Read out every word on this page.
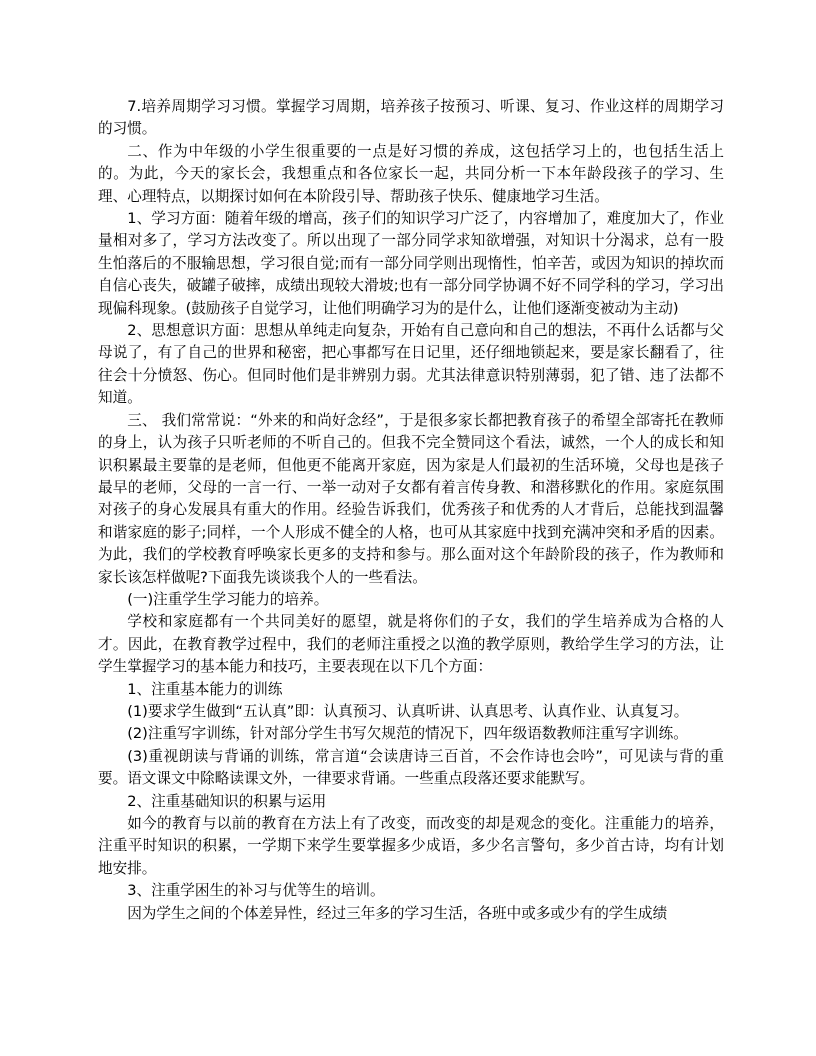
7.培养周期学习习惯。掌握学习周期，培养孩子按预习、听课、复习、作业这样的周期学习的习惯。

二、作为中年级的小学生很重要的一点是好习惯的养成，这包括学习上的，也包括生活上的。为此，今天的家长会，我想重点和各位家长一起，共同分析一下本年龄段孩子的学习、生理、心理特点，以期探讨如何在本阶段引导、帮助孩子快乐、健康地学习生活。

1、学习方面：随着年级的增高，孩子们的知识学习广泛了，内容增加了，难度加大了，作业量相对多了，学习方法改变了。所以出现了一部分同学求知欲增强，对知识十分渴求，总有一股生怕落后的不服输思想，学习很自觉;而有一部分同学则出现惰性，怕辛苦，或因为知识的掉坎而自信心丧失，破罐子破摔，成绩出现较大滑坡;也有一部分同学协调不好不同学科的学习，学习出现偏科现象。(鼓励孩子自觉学习，让他们明确学习为的是什么，让他们逐渐变被动为主动)

2、思想意识方面：思想从单纯走向复杂，开始有自己意向和自己的想法，不再什么话都与父母说了，有了自己的世界和秘密，把心事都写在日记里，还仔细地锁起来，要是家长翻看了，往往会十分愤怒、伤心。但同时他们是非辨别力弱。尤其法律意识特别薄弱，犯了错、违了法都不知道。

三、 我们常常说：“外来的和尚好念经”，于是很多家长都把教育孩子的希望全部寄托在教师的身上，认为孩子只听老师的不听自己的。但我不完全赞同这个看法，诚然，一个人的成长和知识积累最主要靠的是老师，但他更不能离开家庭，因为家是人们最初的生活环境，父母也是孩子最早的老师，父母的一言一行、一举一动对子女都有着言传身教、和潜移默化的作用。家庭氛围对孩子的身心发展具有重大的作用。经验告诉我们，优秀孩子和优秀的人才背后，总能找到温馨和谐家庭的影子;同样，一个人形成不健全的人格，也可从其家庭中找到充满冲突和矛盾的因素。为此，我们的学校教育呼唤家长更多的支持和参与。那么面对这个年龄阶段的孩子，作为教师和家长该怎样做呢?下面我先谈谈我个人的一些看法。

(一)注重学生学习能力的培养。

学校和家庭都有一个共同美好的愿望，就是将你们的子女，我们的学生培养成为合格的人才。因此，在教育教学过程中，我们的老师注重授之以渔的教学原则，教给学生学习的方法，让学生掌握学习的基本能力和技巧，主要表现在以下几个方面：

1、注重基本能力的训练

(1)要求学生做到“五认真”即：认真预习、认真听讲、认真思考、认真作业、认真复习。

(2)注重写字训练，针对部分学生书写欠规范的情况下，四年级语数教师注重写字训练。

(3)重视朗读与背诵的训练，常言道“会读唐诗三百首，不会作诗也会吟”，可见读与背的重要。语文课文中除略读课文外，一律要求背诵。一些重点段落还要求能默写。

2、注重基础知识的积累与运用

如今的教育与以前的教育在方法上有了改变，而改变的却是观念的变化。注重能力的培养，注重平时知识的积累，一学期下来学生要掌握多少成语，多少名言警句，多少首古诗，均有计划地安排。

3、注重学困生的补习与优等生的培训。

因为学生之间的个体差异性，经过三年多的学习生活，各班中或多或少有的学生成绩
